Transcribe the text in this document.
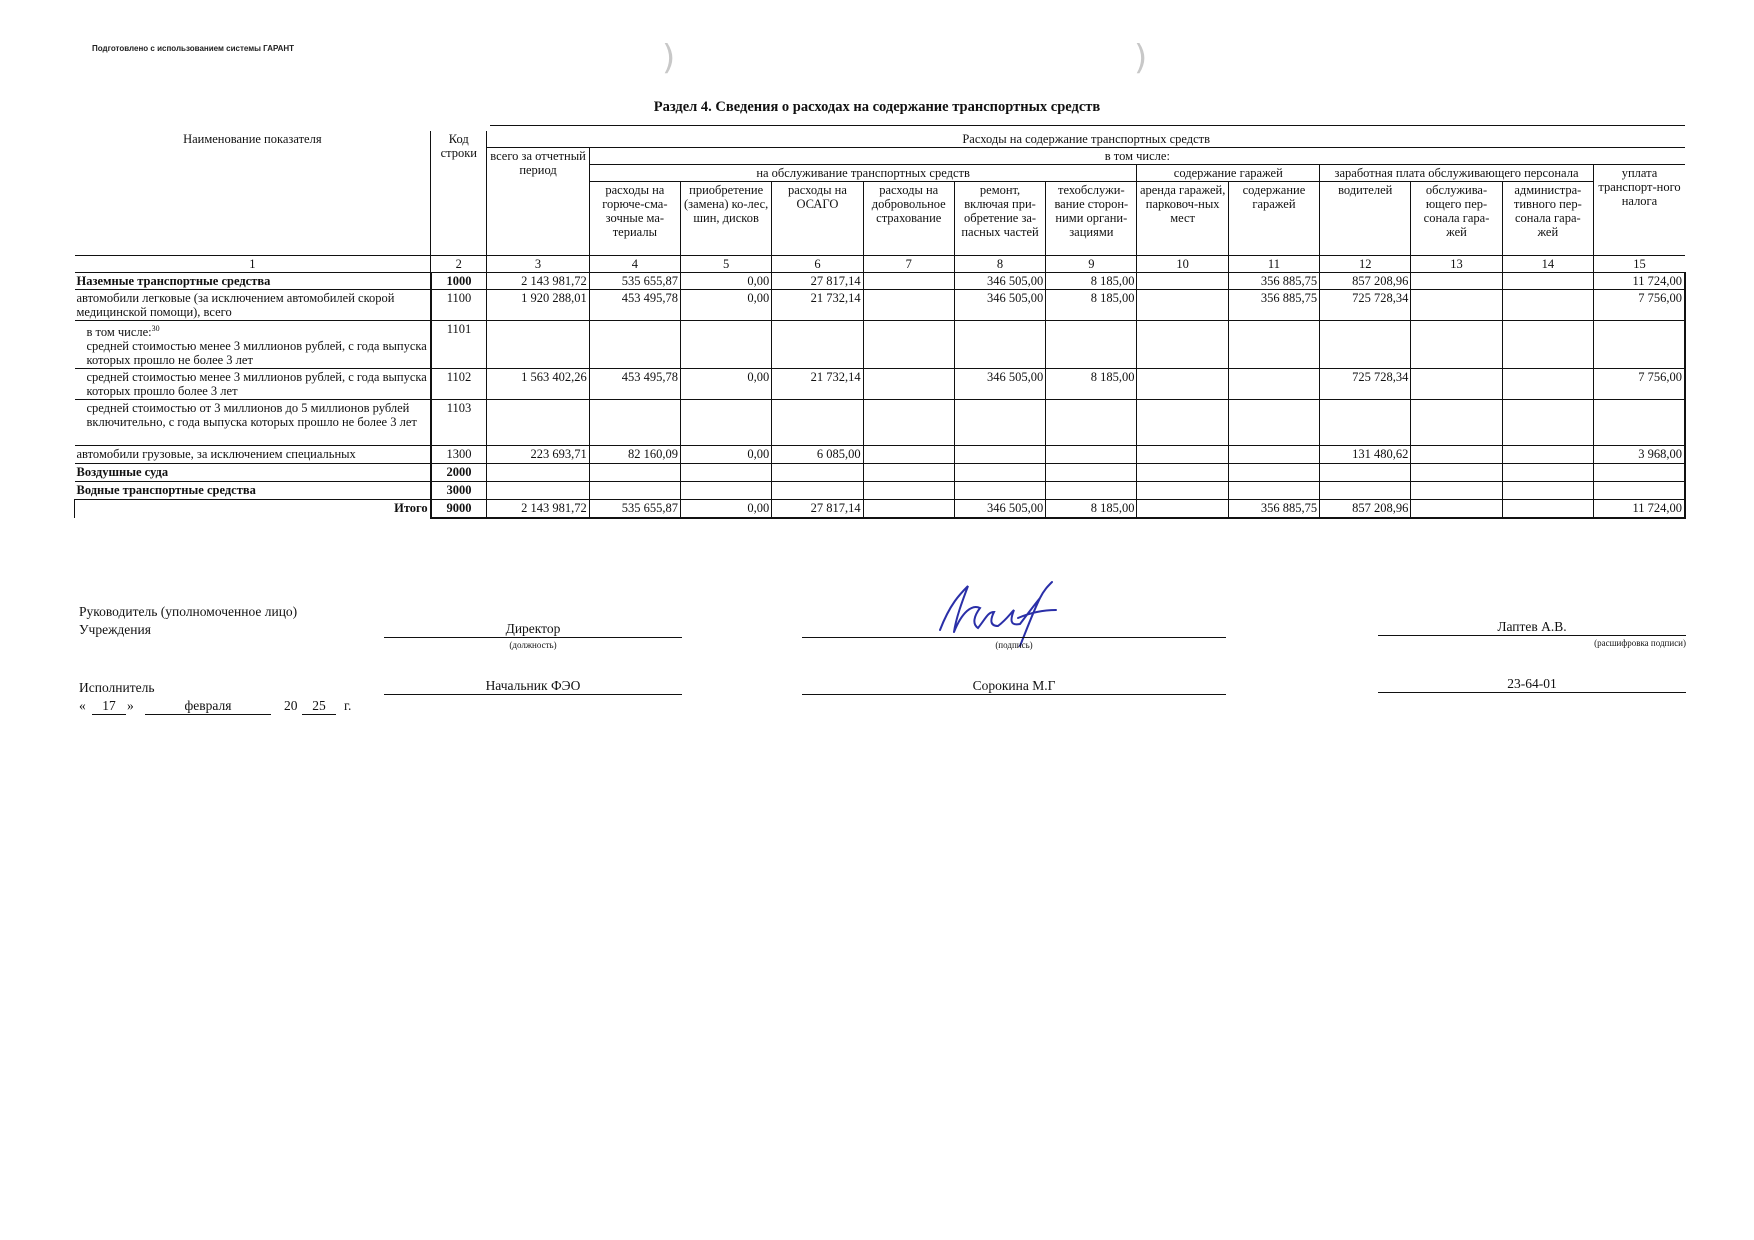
Подготовлено с использованием системы ГАРАНТ	)	)
Раздел 4. Сведения о расходах на содержание транспортных средств
Наименование показателя	Код строки	Расходы на содержание транспортных средств												
		всего за отчетный период	в том числе:											
			на обслуживание транспортных средств						содержание гаражей		заработная плата обслуживающего персонала			уплата транспорт-ного налога
			расходы на горюче-сма-зочные ма-териалы	приобретение (замена) ко-лес, шин, дисков	расходы на ОСАГО	расходы на добровольное страхование	ремонт, включая при-обретение за-пасных частей	техобслужи-вание сторон-ними органи-зациями	аренда гаражей, парковоч-ных мест	содержание гаражей	водителей	обслужива-ющего пер-сонала гара-жей	администра-тивного пер-сонала гара-жей	
1	2	3	4	5	6	7	8	9	10	11	12	13	14	15
Наземные транспортные средства	1000	2 143 981,72	535 655,87	0,00	27 817,14		346 505,00	8 185,00		356 885,75	857 208,96			11 724,00
автомобили легковые (за исключением автомобилей скорой медицинской помощи), всего	1100	1 920 288,01	453 495,78	0,00	21 732,14		346 505,00	8 185,00		356 885,75	725 728,34			7 756,00

в том числе:$^{30}$
средней стоимостью менее 3 миллионов рублей, с года выпуска которых прошло не более 3 лет	1101													
средней стоимостью менее 3 миллионов рублей, с года выпуска которых прошло более 3 лет	1102	1 563 402,26	453 495,78	0,00	21 732,14		346 505,00	8 185,00			725 728,34			7 756,00
средней стоимостью от 3 миллионов до 5 миллионов рублей включительно, с года выпуска которых прошло не более 3 лет	1103													
автомобили грузовые, за исключением специальных	1300	223 693,71	82 160,09	0,00	6 085,00						131 480,62			3 968,00
Воздушные суда	2000													
Водные транспортные средства	3000													
Итого	9000	2 143 981,72	535 655,87	0,00	27 817,14		346 505,00	8 185,00		356 885,75	857 208,96			11 724,00
Руководитель (уполномоченное лицо)
Учреждения	Директор
(должность)	(подпись)
Лаптев А.В.
(расшифровка подписи)
Исполнитель	Начальник ФЭО	Сорокина М.Г	23-64-01
«	17 »	февраля	20	25	г.
